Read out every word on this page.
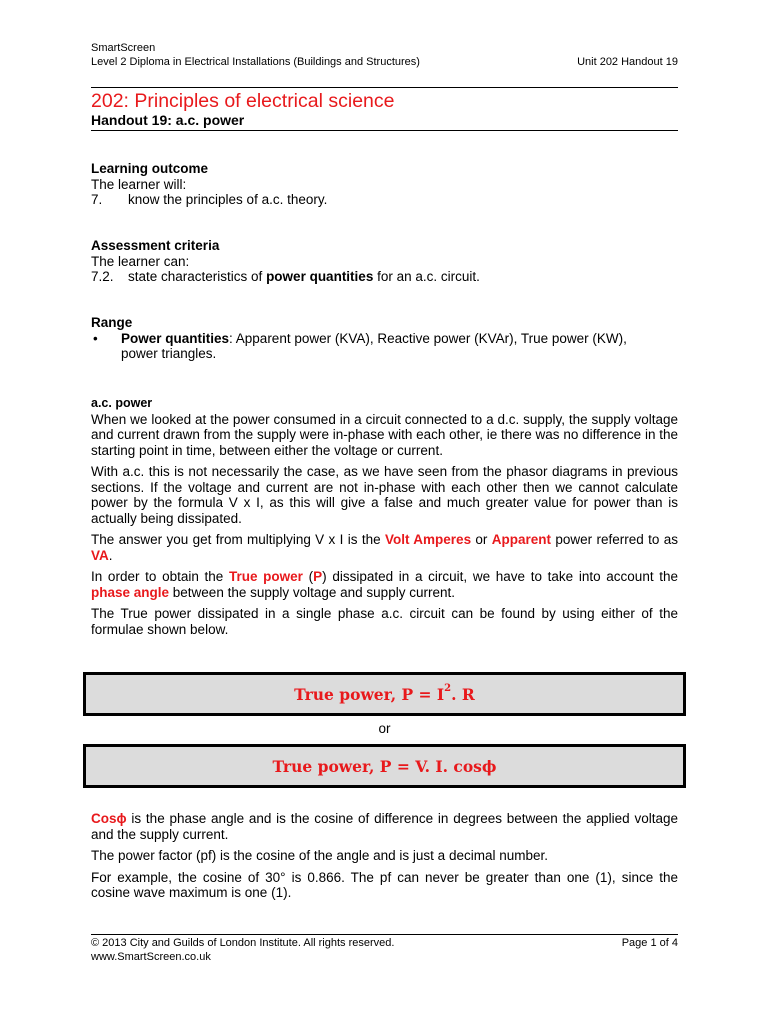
SmartScreen
Level 2 Diploma in Electrical Installations (Buildings and Structures)	Unit 202 Handout 19
202: Principles of electrical science
Handout 19: a.c. power
Learning outcome
The learner will:
7.	know the principles of a.c. theory.
Assessment criteria
The learner can:
7.2.	state characteristics of power quantities for an a.c. circuit.
Range
•	Power quantities: Apparent power (KVA), Reactive power (KVAr), True power (KW),
power triangles.
a.c. power
When we looked at the power consumed in a circuit connected to a d.c. supply, the supply voltage and current drawn from the supply were in-phase with each other, ie there was no difference in the starting point in time, between either the voltage or current.
With a.c. this is not necessarily the case, as we have seen from the phasor diagrams in previous sections. If the voltage and current are not in-phase with each other then we cannot calculate power by the formula V x I, as this will give a false and much greater value for power than is actually being dissipated.
The answer you get from multiplying V x I is the Volt Amperes or Apparent power referred to as VA.
In order to obtain the True power (P) dissipated in a circuit, we have to take into account the phase angle between the supply voltage and supply current.
The True power dissipated in a single phase a.c. circuit can be found by using either of the formulae shown below.
True power, $P = I^2$. R
or
True power, P = V. I. cosϕ
Cosϕ is the phase angle and is the cosine of difference in degrees between the applied voltage and the supply current.
The power factor (pf) is the cosine of the angle and is just a decimal number.
For example, the cosine of 30° is 0.866. The pf can never be greater than one (1), since the cosine wave maximum is one (1).
© 2013 City and Guilds of London Institute. All rights reserved.	Page 1 of 4
www.SmartScreen.co.uk
